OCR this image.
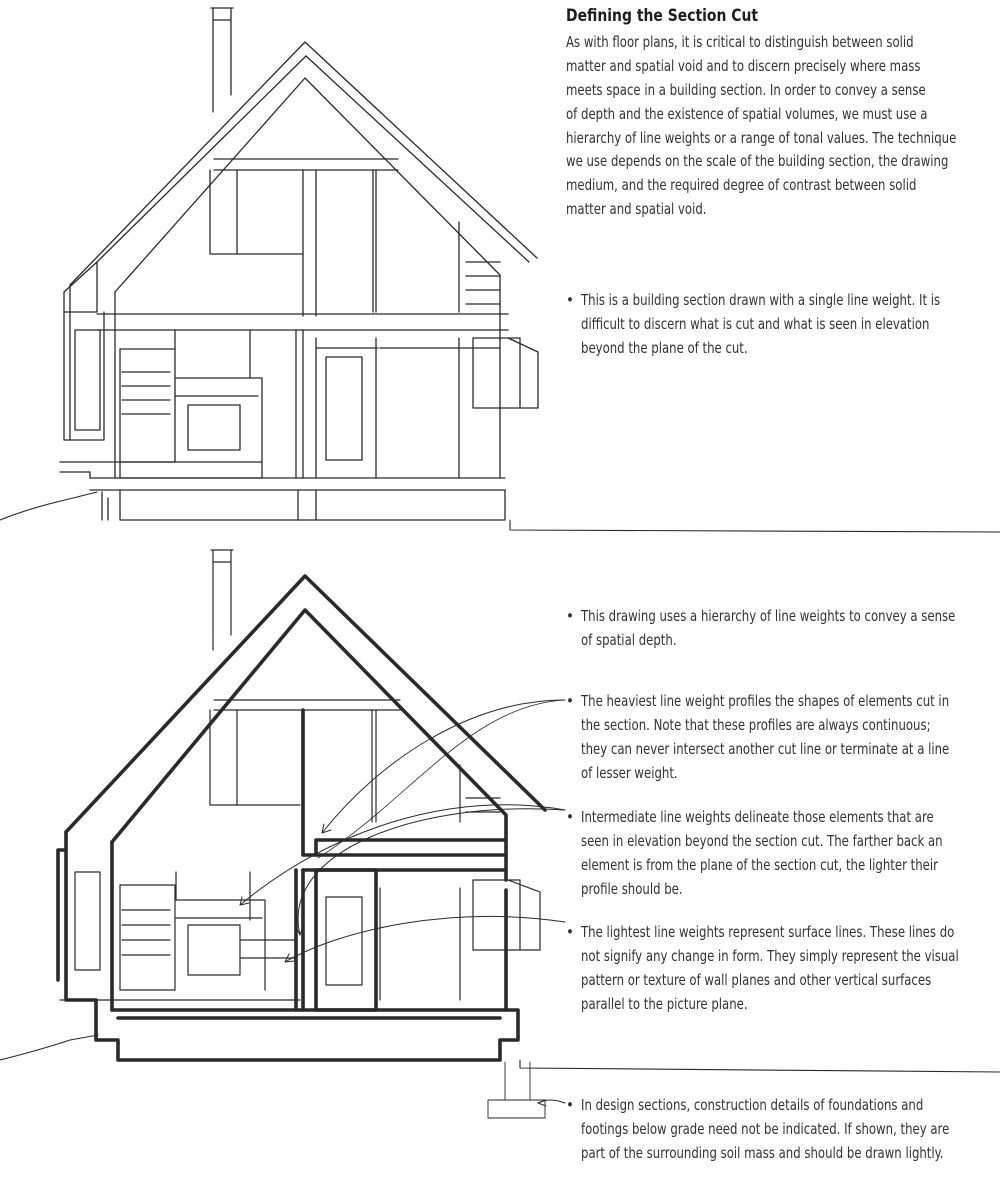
Defining the Section Cut
As with floor plans, it is critical to distinguish between solid
matter and spatial void and to discern precisely where mass
meets space in a building section. In order to convey a sense
of depth and the existence of spatial volumes, we must use a
hierarchy of line weights or a range of tonal values. The technique
we use depends on the scale of the building section, the drawing
medium, and the required degree of contrast between solid
matter and spatial void.
• This is a building section drawn with a single line weight. It is
difficult to discern what is cut and what is seen in elevation
beyond the plane of the cut.
• This drawing uses a hierarchy of line weights to convey a sense
of spatial depth.
• The heaviest line weight profiles the shapes of elements cut in
the section. Note that these profiles are always continuous;
they can never intersect another cut line or terminate at a line
of lesser weight.
• Intermediate line weights delineate those elements that are
seen in elevation beyond the section cut. The farther back an
element is from the plane of the section cut, the lighter their
profile should be.
• The lightest line weights represent surface lines. These lines do
not signify any change in form. They simply represent the visual
pattern or texture of wall planes and other vertical surfaces
parallel to the picture plane.
• In design sections, construction details of foundations and
footings below grade need not be indicated. If shown, they are
part of the surrounding soil mass and should be drawn lightly.
